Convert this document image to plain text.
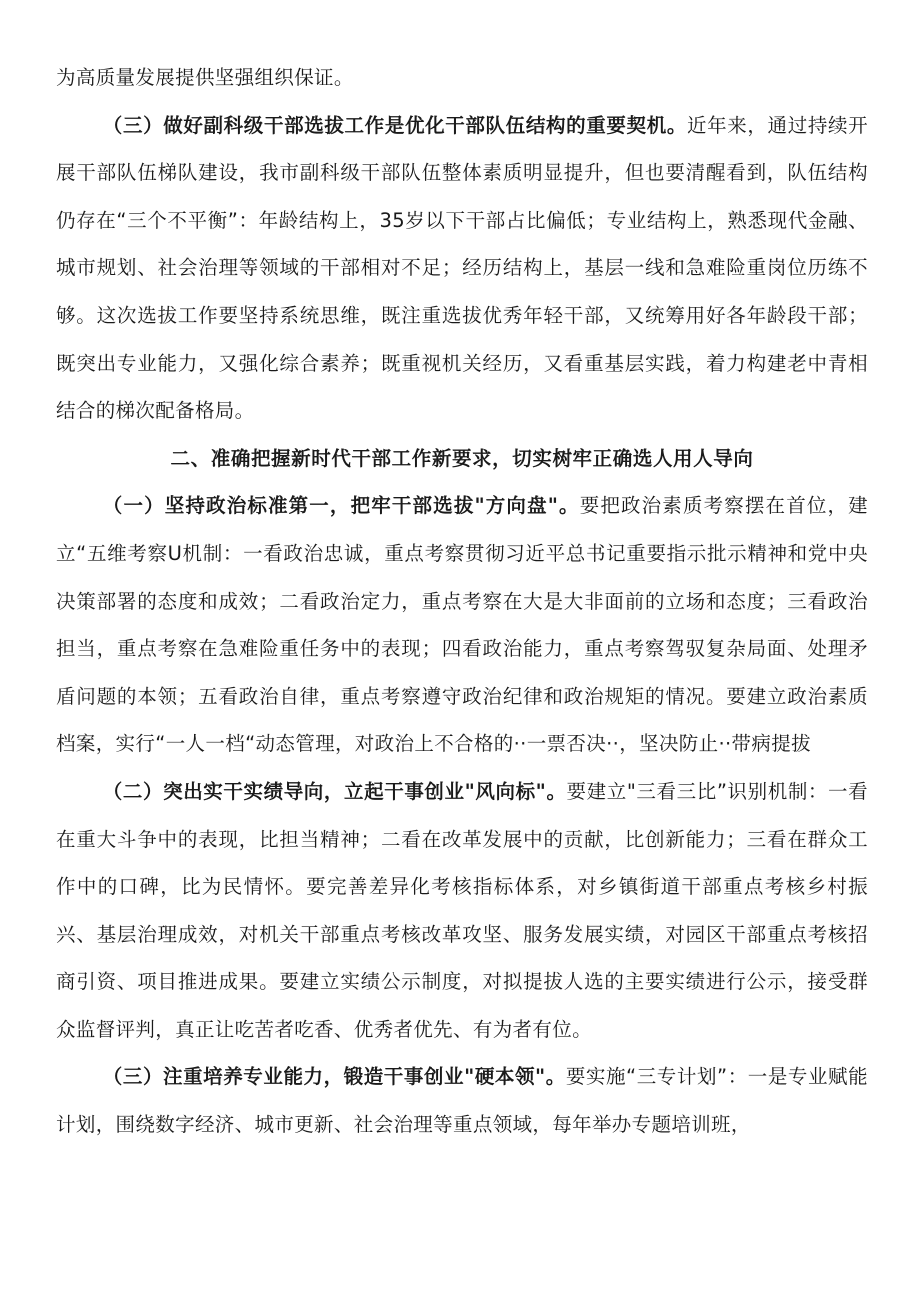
为高质量发展提供坚强组织保证。

（三）做好副科级干部选拔工作是优化干部队伍结构的重要契机。近年来，通过持续开展干部队伍梯队建设，我市副科级干部队伍整体素质明显提升，但也要清醒看到，队伍结构仍存在“三个不平衡”：年龄结构上，35岁以下干部占比偏低；专业结构上，熟悉现代金融、城市规划、社会治理等领域的干部相对不足；经历结构上，基层一线和急难险重岗位历练不够。这次选拔工作要坚持系统思维，既注重选拔优秀年轻干部，又统筹用好各年龄段干部；既突出专业能力，又强化综合素养；既重视机关经历，又看重基层实践，着力构建老中青相结合的梯次配备格局。

二、准确把握新时代干部工作新要求，切实树牢正确选人用人导向

（一）坚持政治标准第一，把牢干部选拔"方向盘"。要把政治素质考察摆在首位，建立“五维考察U机制：一看政治忠诚，重点考察贯彻习近平总书记重要指示批示精神和党中央决策部署的态度和成效；二看政治定力，重点考察在大是大非面前的立场和态度；三看政治担当，重点考察在急难险重任务中的表现；四看政治能力，重点考察驾驭复杂局面、处理矛盾问题的本领；五看政治自律，重点考察遵守政治纪律和政治规矩的情况。要建立政治素质档案，实行“一人一档“动态管理，对政治上不合格的··一票否决··，坚决防止··带病提拔

（二）突出实干实绩导向，立起干事创业"风向标"。要建立"三看三比”识别机制：一看在重大斗争中的表现，比担当精神；二看在改革发展中的贡献，比创新能力；三看在群众工作中的口碑，比为民情怀。要完善差异化考核指标体系，对乡镇街道干部重点考核乡村振兴、基层治理成效，对机关干部重点考核改革攻坚、服务发展实绩，对园区干部重点考核招商引资、项目推进成果。要建立实绩公示制度，对拟提拔人选的主要实绩进行公示，接受群众监督评判，真正让吃苦者吃香、优秀者优先、有为者有位。

（三）注重培养专业能力，锻造干事创业"硬本领"。要实施“三专计划”：一是专业赋能计划，围绕数字经济、城市更新、社会治理等重点领域，每年举办专题培训班，
